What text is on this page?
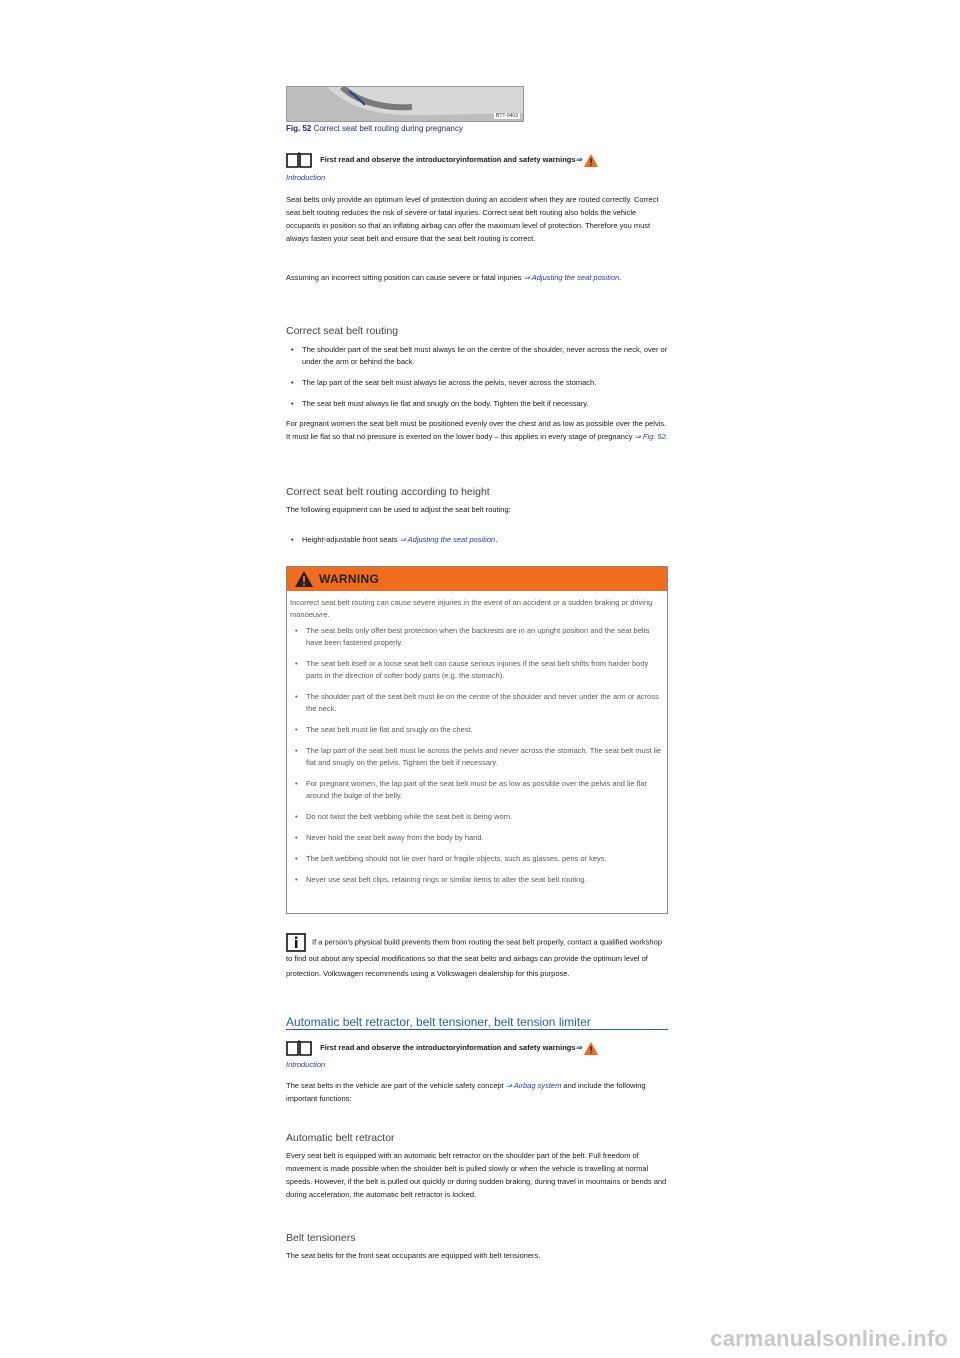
BTT-0403
Fig. 52 Correct seat belt routing during pregnancy
First read and observe the introductoryinformation and safety warnings⇒
Introduction

Seat belts only provide an optimum level of protection during an accident when they are routed correctly. Correct seat belt routing reduces the risk of severe or fatal injuries. Correct seat belt routing also holds the vehicle occupants in position so that an inflating airbag can offer the maximum level of protection. Therefore you must always fasten your seat belt and ensure that the seat belt routing is correct.

Assuming an incorrect sitting position can cause severe or fatal injuries ⇒ Adjusting the seat position.

Correct seat belt routing
• The shoulder part of the seat belt must always lie on the centre of the shoulder, never across the neck, over or under the arm or behind the back.
• The lap part of the seat belt must always lie across the pelvis, never across the stomach.
• The seat belt must always lie flat and snugly on the body. Tighten the belt if necessary.

For pregnant women the seat belt must be positioned evenly over the chest and as low as possible over the pelvis. It must lie flat so that no pressure is exerted on the lower body – this applies in every stage of pregnancy ⇒ Fig. 52.

Correct seat belt routing according to height

The following equipment can be used to adjust the seat belt routing:

• Height-adjustable front seats ⇒ Adjusting the seat position.
WARNING
Incorrect seat belt routing can cause severe injuries in the event of an accident or a sudden braking or driving manoeuvre.
• The seat belts only offer best protection when the backrests are in an upright position and the seat belts have been fastened properly.
• The seat belt itself or a loose seat belt can cause serious injuries if the seat belt shifts from harder body parts in the direction of softer body parts (e.g. the stomach).
• The shoulder part of the seat belt must lie on the centre of the shoulder and never under the arm or across the neck.
• The seat belt must lie flat and snugly on the chest.
• The lap part of the seat belt must lie across the pelvis and never across the stomach. The seat belt must lie flat and snugly on the pelvis. Tighten the belt if necessary.
• For pregnant women, the lap part of the seat belt must be as low as possible over the pelvis and lie flat around the bulge of the belly.
• Do not twist the belt webbing while the seat belt is being worn.
• Never hold the seat belt away from the body by hand.
• The belt webbing should not lie over hard or fragile objects, such as glasses, pens or keys.
• Never use seat belt clips, retaining rings or similar items to alter the seat belt routing.

If a person’s physical build prevents them from routing the seat belt properly, contact a qualified workshop to find out about any special modifications so that the seat belts and airbags can provide the optimum level of protection. Volkswagen recommends using a Volkswagen dealership for this purpose.

Automatic belt retractor, belt tensioner, belt tension limiter
First read and observe the introductoryinformation and safety warnings⇒
Introduction

The seat belts in the vehicle are part of the vehicle safety concept ⇒ Airbag system and include the following important functions:

Automatic belt retractor

Every seat belt is equipped with an automatic belt retractor on the shoulder part of the belt. Full freedom of movement is made possible when the shoulder belt is pulled slowly or when the vehicle is travelling at normal speeds. However, if the belt is pulled out quickly or during sudden braking, during travel in mountains or bends and during acceleration, the automatic belt retractor is locked.

Belt tensioners

The seat belts for the front seat occupants are equipped with belt tensioners.

carmanualsonline.info
